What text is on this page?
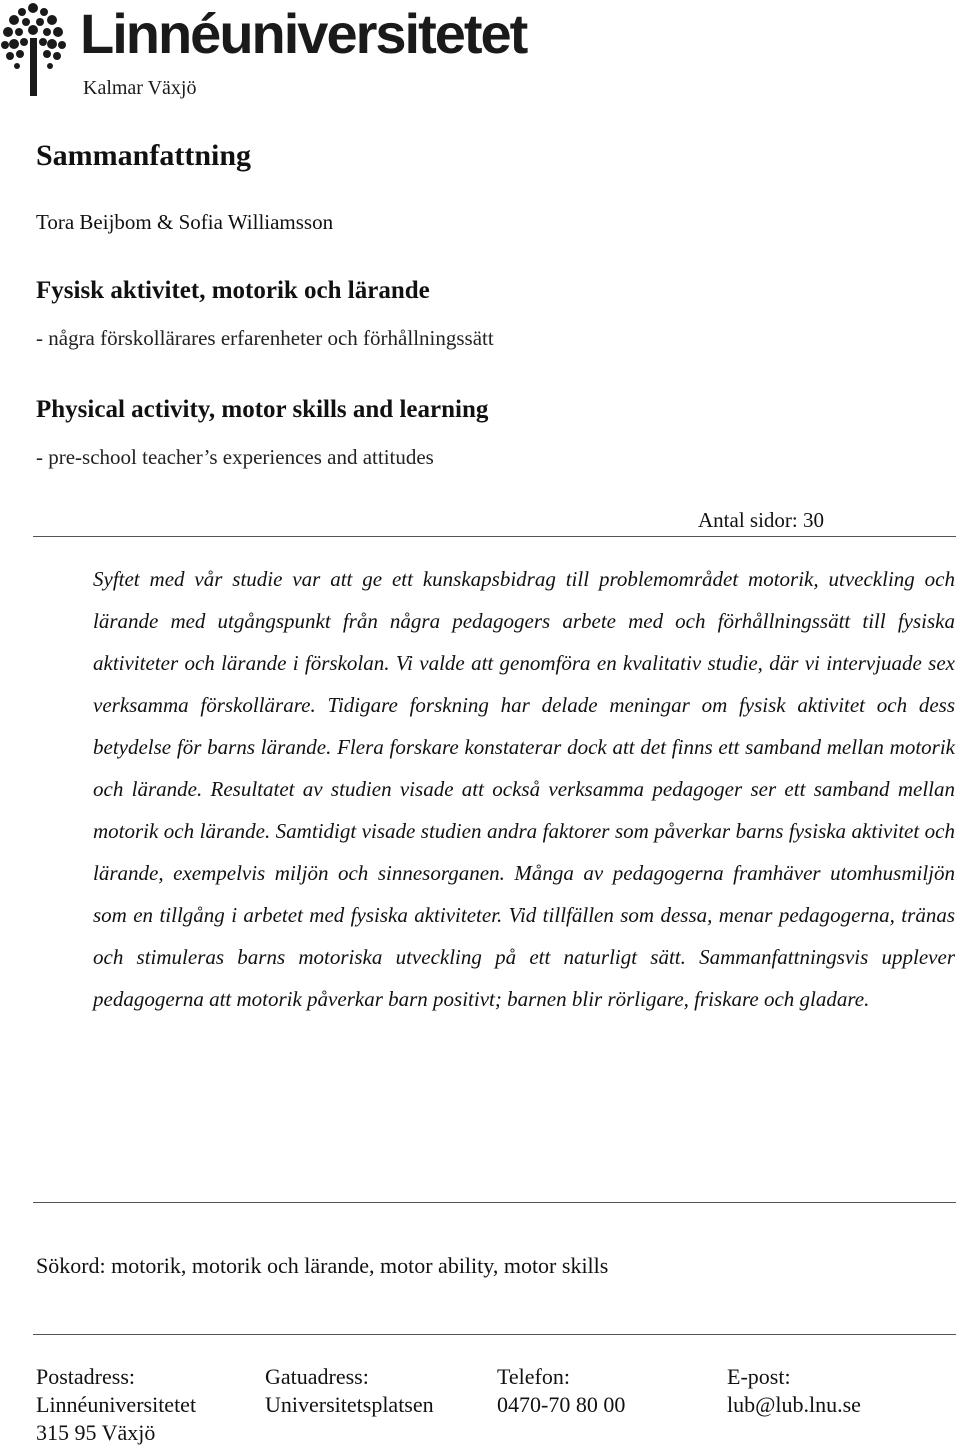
Linnéuniversitetet
Kalmar Växjö
Sammanfattning
Tora Beijbom & Sofia Williamsson
Fysisk aktivitet, motorik och lärande
- några förskollärares erfarenheter och förhållningssätt
Physical activity, motor skills and learning
- pre-school teacher’s experiences and attitudes
Antal sidor: 30

Syftet med vår studie var att ge ett kunskapsbidrag till problemområdet motorik, utveckling och lärande med utgångspunkt från några pedagogers arbete med och förhållningssätt till fysiska aktiviteter och lärande i förskolan. Vi valde att genomföra en kvalitativ studie, där vi intervjuade sex verksamma förskollärare. Tidigare forskning har delade meningar om fysisk aktivitet och dess betydelse för barns lärande. Flera forskare konstaterar dock att det finns ett samband mellan motorik och lärande. Resultatet av studien visade att också verksamma pedagoger ser ett samband mellan motorik och lärande. Samtidigt visade studien andra faktorer som påverkar barns fysiska aktivitet och lärande, exempelvis miljön och sinnesorganen. Många av pedagogerna framhäver utomhusmiljön som en tillgång i arbetet med fysiska aktiviteter. Vid tillfällen som dessa, menar pedagogerna, tränas och stimuleras barns motoriska utveckling på ett naturligt sätt. Sammanfattningsvis upplever pedagogerna att motorik påverkar barn positivt; barnen blir rörligare, friskare och gladare.

Sökord: motorik, motorik och lärande, motor ability, motor skills
Postadress:
Linnéuniversitetet
315 95 Växjö
Gatuadress:
Universitetsplatsen
Telefon:
0470-70 80 00
E-post:
lub@lub.lnu.se
